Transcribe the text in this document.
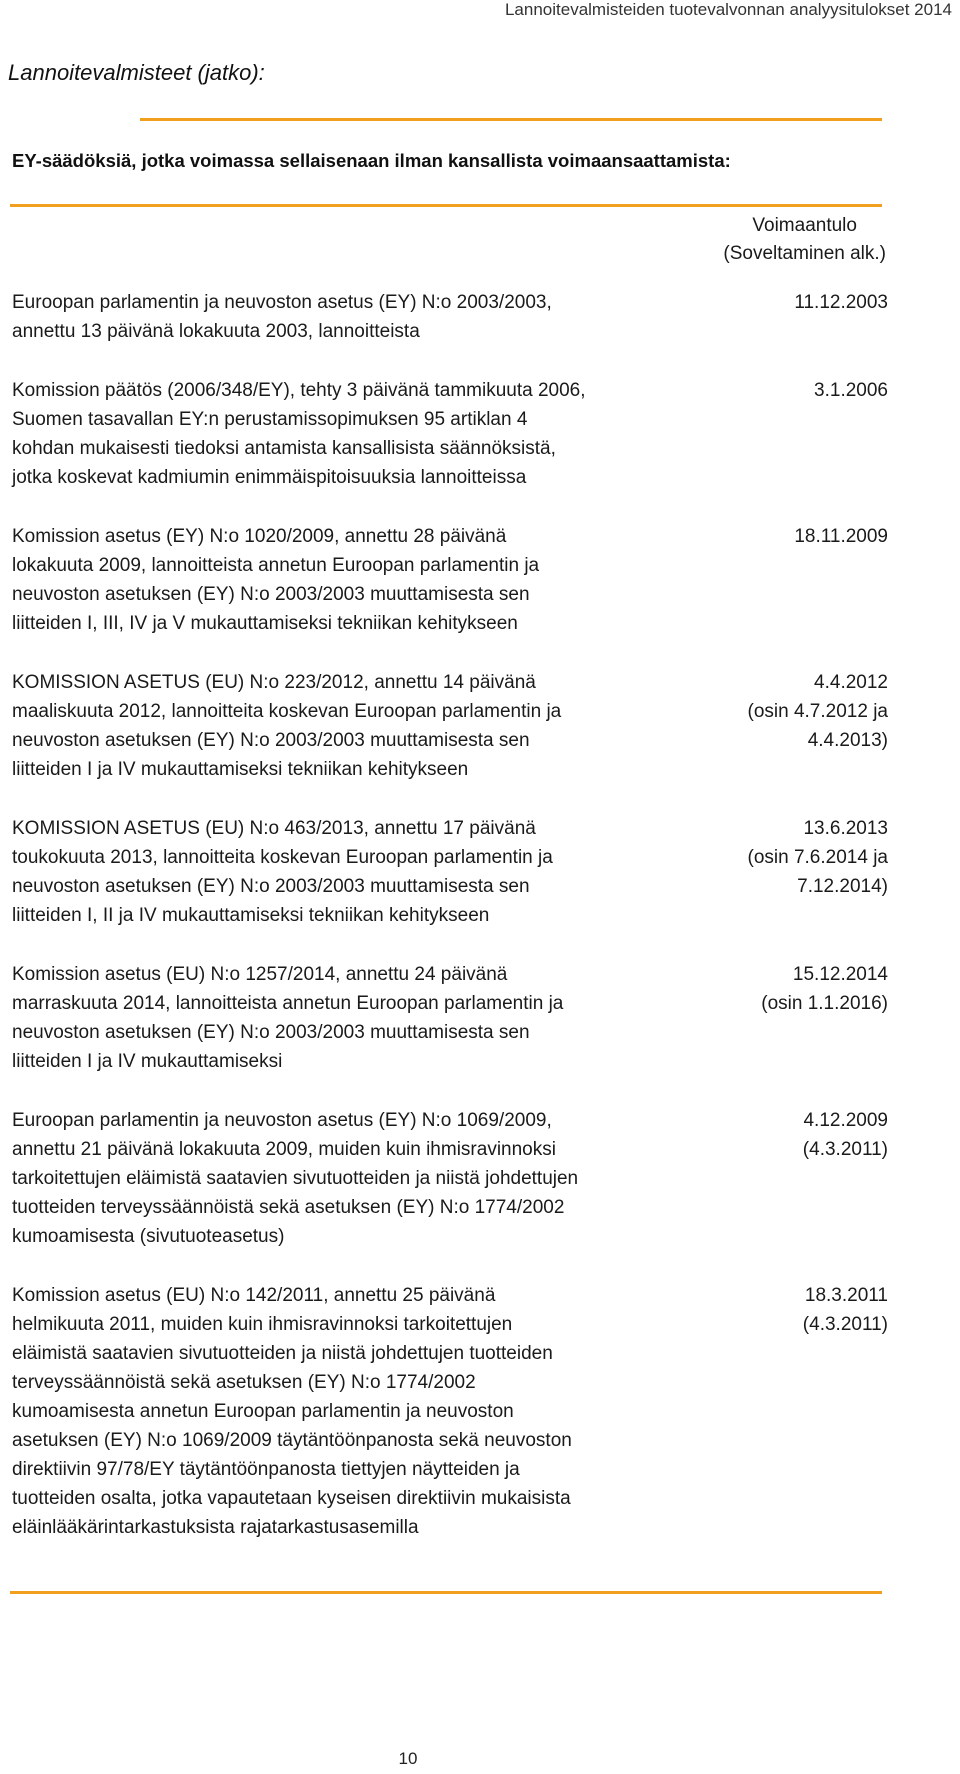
Lannoitevalmisteiden tuotevalvonnan analyysitulokset 2014
Lannoitevalmisteet (jatko):
EY-säädöksiä, jotka voimassa sellaisenaan ilman kansallista voimaansaattamista:
Voimaantulo
(Soveltaminen alk.)
Euroopan parlamentin ja neuvoston asetus (EY) N:o 2003/2003,
annettu 13 päivänä lokakuuta 2003, lannoitteista
11.12.2003
Komission päätös (2006/348/EY), tehty 3 päivänä tammikuuta 2006,
Suomen tasavallan EY:n perustamissopimuksen 95 artiklan 4
kohdan mukaisesti tiedoksi antamista kansallisista säännöksistä,
jotka koskevat kadmiumin enimmäispitoisuuksia lannoitteissa
3.1.2006
Komission asetus (EY) N:o 1020/2009, annettu 28 päivänä
lokakuuta 2009, lannoitteista annetun Euroopan parlamentin ja
neuvoston asetuksen (EY) N:o 2003/2003 muuttamisesta sen
liitteiden I, III, IV ja V mukauttamiseksi tekniikan kehitykseen
18.11.2009
KOMISSION ASETUS (EU) N:o 223/2012, annettu 14 päivänä
maaliskuuta 2012, lannoitteita koskevan Euroopan parlamentin ja
neuvoston asetuksen (EY) N:o 2003/2003 muuttamisesta sen
liitteiden I ja IV mukauttamiseksi tekniikan kehitykseen
4.4.2012
(osin 4.7.2012 ja
4.4.2013)
KOMISSION ASETUS (EU) N:o 463/2013, annettu 17 päivänä
toukokuuta 2013, lannoitteita koskevan Euroopan parlamentin ja
neuvoston asetuksen (EY) N:o 2003/2003 muuttamisesta sen
liitteiden I, II ja IV mukauttamiseksi tekniikan kehitykseen
13.6.2013
(osin 7.6.2014 ja
7.12.2014)
Komission asetus (EU) N:o 1257/2014, annettu 24 päivänä
marraskuuta 2014, lannoitteista annetun Euroopan parlamentin ja
neuvoston asetuksen (EY) N:o 2003/2003 muuttamisesta sen
liitteiden I ja IV mukauttamiseksi
15.12.2014
(osin 1.1.2016)
Euroopan parlamentin ja neuvoston asetus (EY) N:o 1069/2009,
annettu 21 päivänä lokakuuta 2009, muiden kuin ihmisravinnoksi
tarkoitettujen eläimistä saatavien sivutuotteiden ja niistä johdettujen
tuotteiden terveyssäännöistä sekä asetuksen (EY) N:o 1774/2002
kumoamisesta (sivutuoteasetus)
4.12.2009
(4.3.2011)
Komission asetus (EU) N:o 142/2011, annettu 25 päivänä
helmikuuta 2011, muiden kuin ihmisravinnoksi tarkoitettujen
eläimistä saatavien sivutuotteiden ja niistä johdettujen tuotteiden
terveyssäännöistä sekä asetuksen (EY) N:o 1774/2002
kumoamisesta annetun Euroopan parlamentin ja neuvoston
asetuksen (EY) N:o 1069/2009 täytäntöönpanosta sekä neuvoston
direktiivin 97/78/EY täytäntöönpanosta tiettyjen näytteiden ja
tuotteiden osalta, jotka vapautetaan kyseisen direktiivin mukaisista
eläinlääkärintarkastuksista rajatarkastusasemilla
18.3.2011
(4.3.2011)
10
